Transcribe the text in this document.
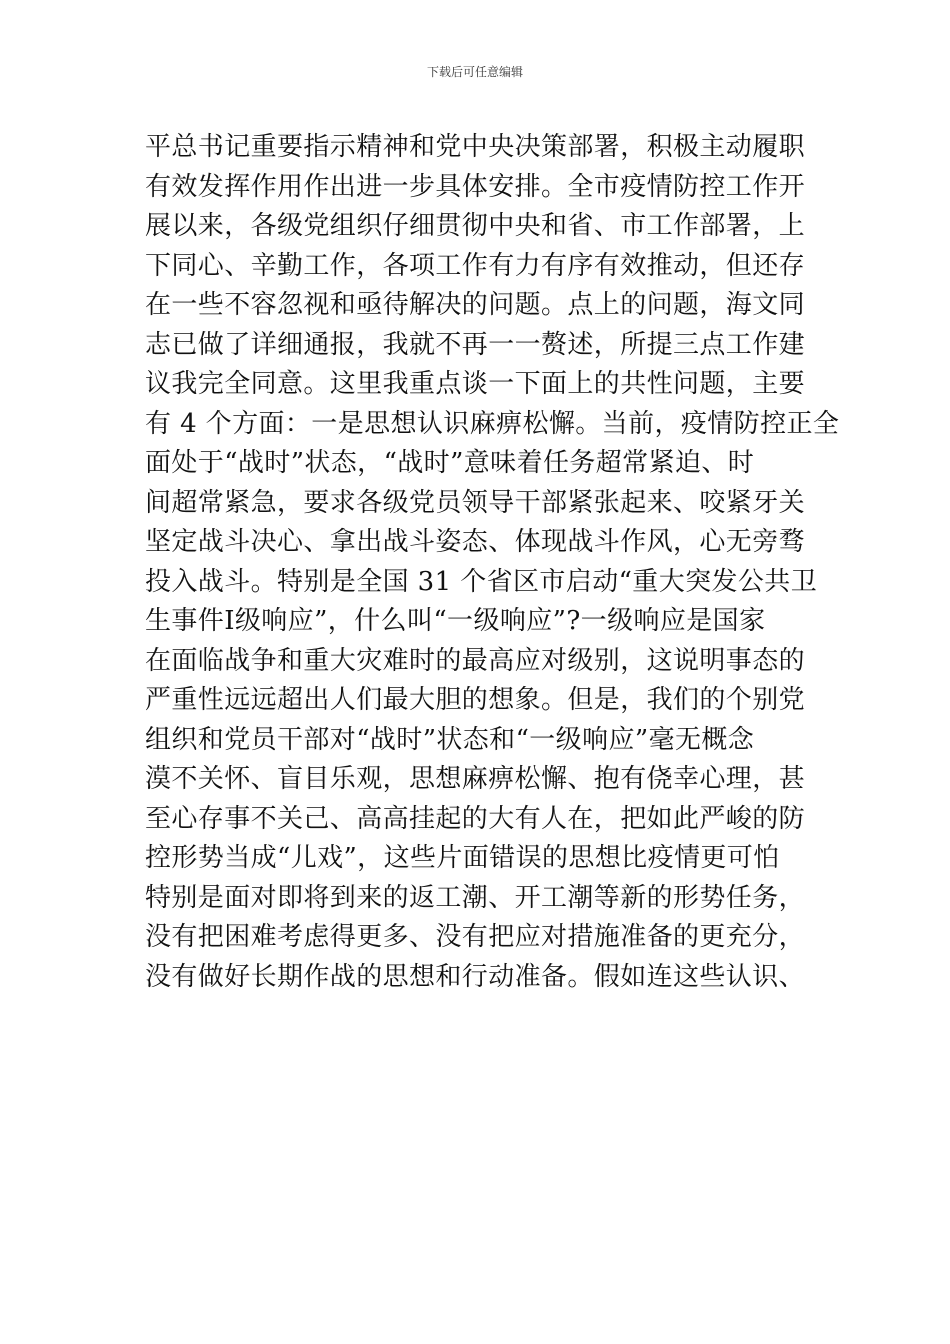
下载后可任意编辑
平总书记重要指示精神和党中央决策部署，积极主动履职
有效发挥作用作出进一步具体安排。全市疫情防控工作开
展以来，各级党组织仔细贯彻中央和省、市工作部署，上
下同心、辛勤工作，各项工作有力有序有效推动，但还存
在一些不容忽视和亟待解决的问题。点上的问题，海文同
志已做了详细通报，我就不再一一赘述，所提三点工作建
议我完全同意。这里我重点谈一下面上的共性问题，主要
有 4 个方面：一是思想认识麻痹松懈。当前，疫情防控正全
面处于“战时”状态，“战时”意味着任务超常紧迫、时
间超常紧急，要求各级党员领导干部紧张起来、咬紧牙关
坚定战斗决心、拿出战斗姿态、体现战斗作风，心无旁骛
投入战斗。特别是全国 31 个省区市启动“重大突发公共卫
生事件Ⅰ级响应”，什么叫“一级响应”?一级响应是国家
在面临战争和重大灾难时的最高应对级别，这说明事态的
严重性远远超出人们最大胆的想象。但是，我们的个别党
组织和党员干部对“战时”状态和“一级响应”毫无概念
漠不关怀、盲目乐观，思想麻痹松懈、抱有侥幸心理，甚
至心存事不关己、高高挂起的大有人在，把如此严峻的防
控形势当成“儿戏”，这些片面错误的思想比疫情更可怕
特别是面对即将到来的返工潮、开工潮等新的形势任务，
没有把困难考虑得更多、没有把应对措施准备的更充分，
没有做好长期作战的思想和行动准备。假如连这些认识、
